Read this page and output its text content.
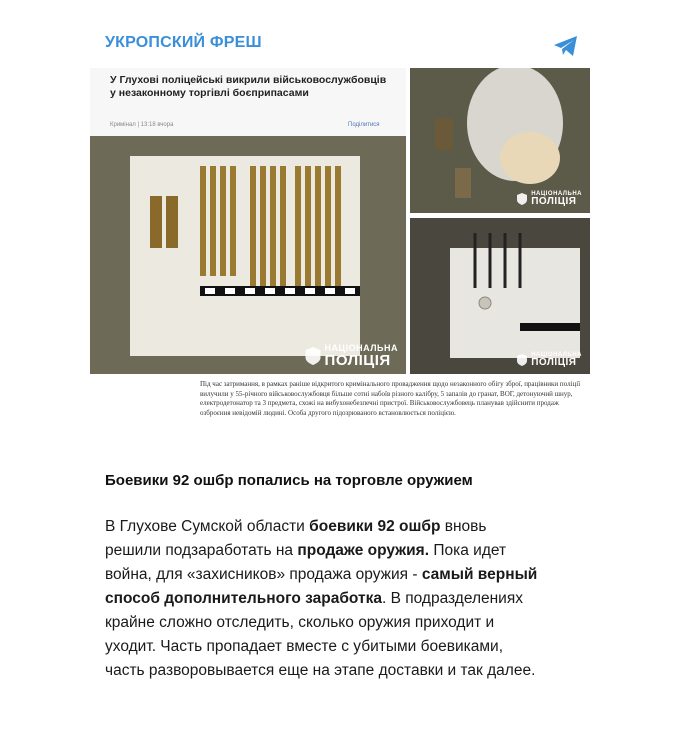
УКРОПСКИЙ ФРЕШ
У Глухові поліцейські викрили військовослужбовців у незаконному торгівлі боєприпасами
Кримінал | 13:18 вчора	Поділитися
НАЦІОНАЛЬНА
ПОЛІЦІЯ
НАЦІОНАЛЬНА
ПОЛІЦІЯ
НАЦІОНАЛЬНА
ПОЛІЦІЯ
Під час затримання, в рамках раніше відкритого кримінального провадження щодо незаконного обігу зброї, працівники поліції вилучили у 55-річного військовослужбовця більше сотні набоїв різного калібру, 5 запалів до гранат, ВОГ, детонуючий шнур, електродетонатор та 3 предмета, схожі на вибухонебезпечні пристрої. Військовослужбовець планував здійснити продаж озброєння невідомій людині. Особа другого підозрюваного встановлюється поліцією.
Боевики 92 ошбр попались на торговле оружием
В Глухове Сумской области боевики 92 ошбр вновь решили подзаработать на продаже оружия. Пока идет война, для «захисников» продажа оружия - самый верный способ дополнительного заработка. В подразделениях крайне сложно отследить, сколько оружия приходит и уходит. Часть пропадает вместе с убитыми боевиками, часть разворовывается еще на этапе доставки и так далее.
